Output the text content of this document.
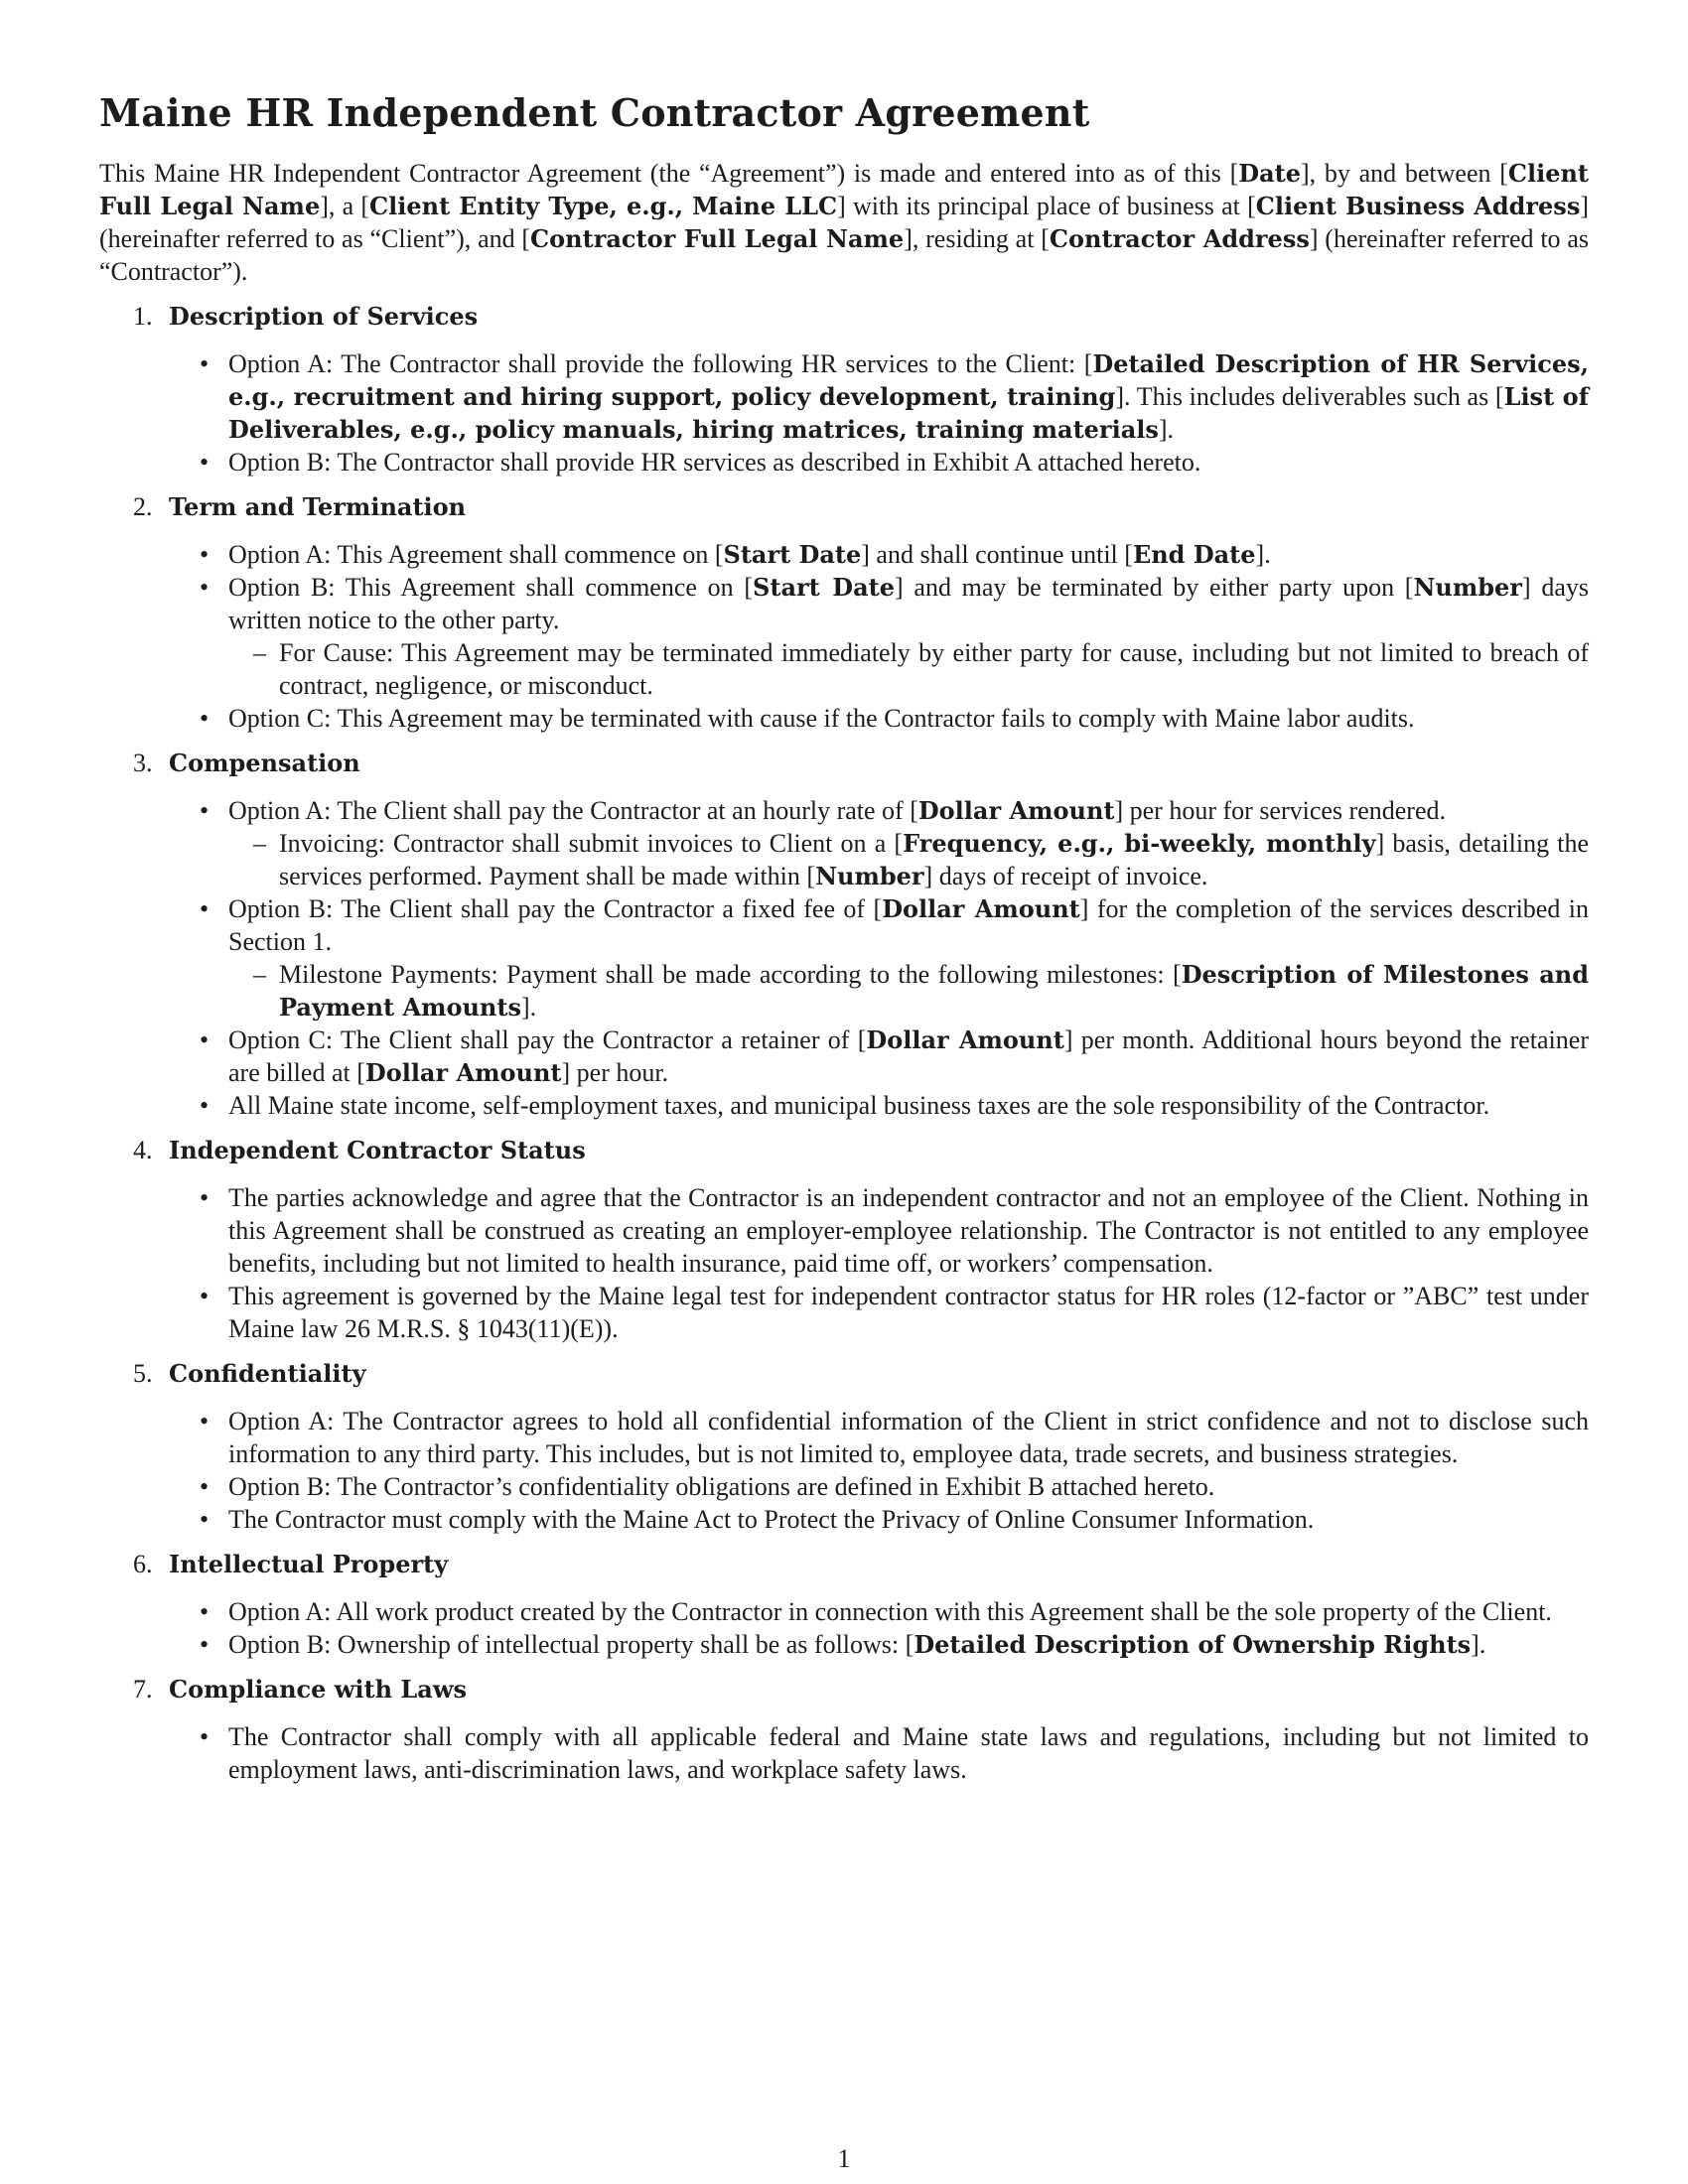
Maine HR Independent Contractor Agreement

This Maine HR Independent Contractor Agreement (the “Agreement”) is made and entered into as of this [Date], by and between [Client Full Legal Name], a [Client Entity Type, e.g., Maine LLC] with its principal place of business at [Client Business Address] (hereinafter referred to as “Client”), and [Contractor Full Legal Name], residing at [Contractor Address] (hereinafter referred to as “Contractor”).

1. Description of Services
• Option A: The Contractor shall provide the following HR services to the Client: [Detailed Description of HR Services, e.g., recruitment and hiring support, policy development, training]. This includes deliverables such as [List of Deliverables, e.g., policy manuals, hiring matrices, training materials].
• Option B: The Contractor shall provide HR services as described in Exhibit A attached hereto.
2. Term and Termination
• Option A: This Agreement shall commence on [Start Date] and shall continue until [End Date].
• Option B: This Agreement shall commence on [Start Date] and may be terminated by either party upon [Number] days written notice to the other party.
– For Cause: This Agreement may be terminated immediately by either party for cause, including but not limited to breach of contract, negligence, or misconduct.
• Option C: This Agreement may be terminated with cause if the Contractor fails to comply with Maine labor audits.
3. Compensation
• Option A: The Client shall pay the Contractor at an hourly rate of [Dollar Amount] per hour for services rendered.
– Invoicing: Contractor shall submit invoices to Client on a [Frequency, e.g., bi-weekly, monthly] basis, detailing the services performed. Payment shall be made within [Number] days of receipt of invoice.
• Option B: The Client shall pay the Contractor a fixed fee of [Dollar Amount] for the completion of the services described in Section 1.
– Milestone Payments: Payment shall be made according to the following milestones: [Description of Milestones and Payment Amounts].
• Option C: The Client shall pay the Contractor a retainer of [Dollar Amount] per month. Additional hours beyond the retainer are billed at [Dollar Amount] per hour.
• All Maine state income, self-employment taxes, and municipal business taxes are the sole responsibility of the Contractor.
4. Independent Contractor Status
• The parties acknowledge and agree that the Contractor is an independent contractor and not an employee of the Client. Nothing in this Agreement shall be construed as creating an employer-employee relationship. The Contractor is not entitled to any employee benefits, including but not limited to health insurance, paid time off, or workers’ compensation.
• This agreement is governed by the Maine legal test for independent contractor status for HR roles (12-factor or ”ABC” test under Maine law 26 M.R.S. § 1043(11)(E)).
5. Confidentiality
• Option A: The Contractor agrees to hold all confidential information of the Client in strict confidence and not to disclose such information to any third party. This includes, but is not limited to, employee data, trade secrets, and business strategies.
• Option B: The Contractor’s confidentiality obligations are defined in Exhibit B attached hereto.
• The Contractor must comply with the Maine Act to Protect the Privacy of Online Consumer Information.
6. Intellectual Property
• Option A: All work product created by the Contractor in connection with this Agreement shall be the sole property of the Client.
• Option B: Ownership of intellectual property shall be as follows: [Detailed Description of Ownership Rights].
7. Compliance with Laws
• The Contractor shall comply with all applicable federal and Maine state laws and regulations, including but not limited to employment laws, anti-discrimination laws, and workplace safety laws.
1
